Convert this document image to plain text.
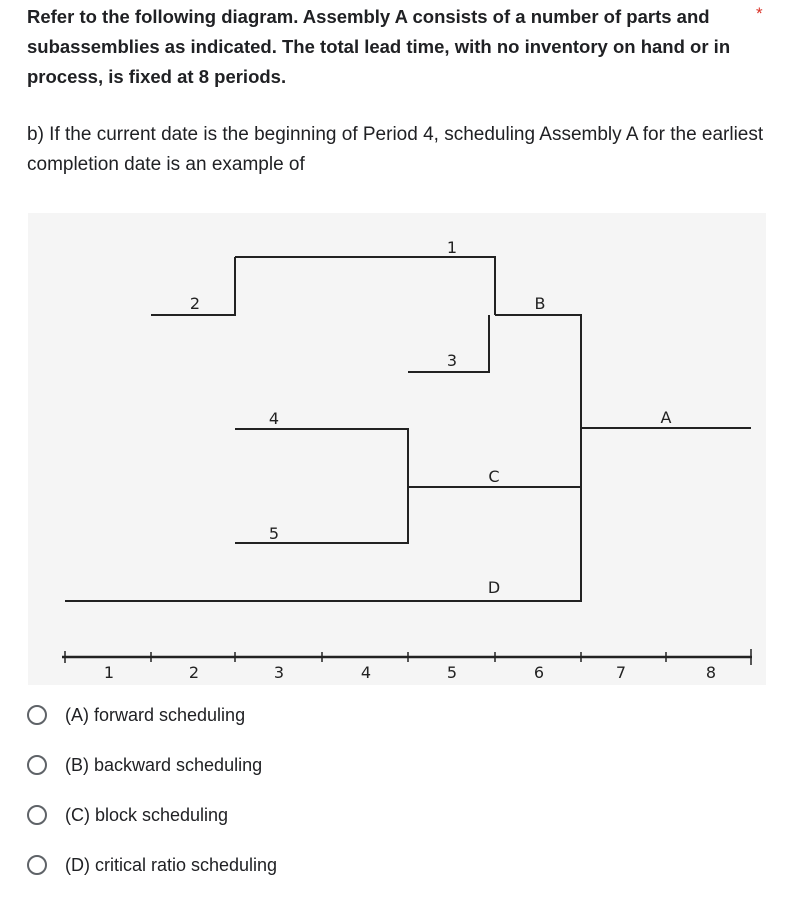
Refer to the following diagram. Assembly A consists of a number of parts and subassemblies as indicated. The total lead time, with no inventory on hand or in process, is fixed at 8 periods.

*

b) If the current date is the beginning of Period 4, scheduling Assembly A for the earliest completion date is an example of

1
2
3
4
5
B
C
D
A
1	2	3	4	5	6	7	8
(A) forward scheduling
(B) backward scheduling
(C) block scheduling
(D) critical ratio scheduling
